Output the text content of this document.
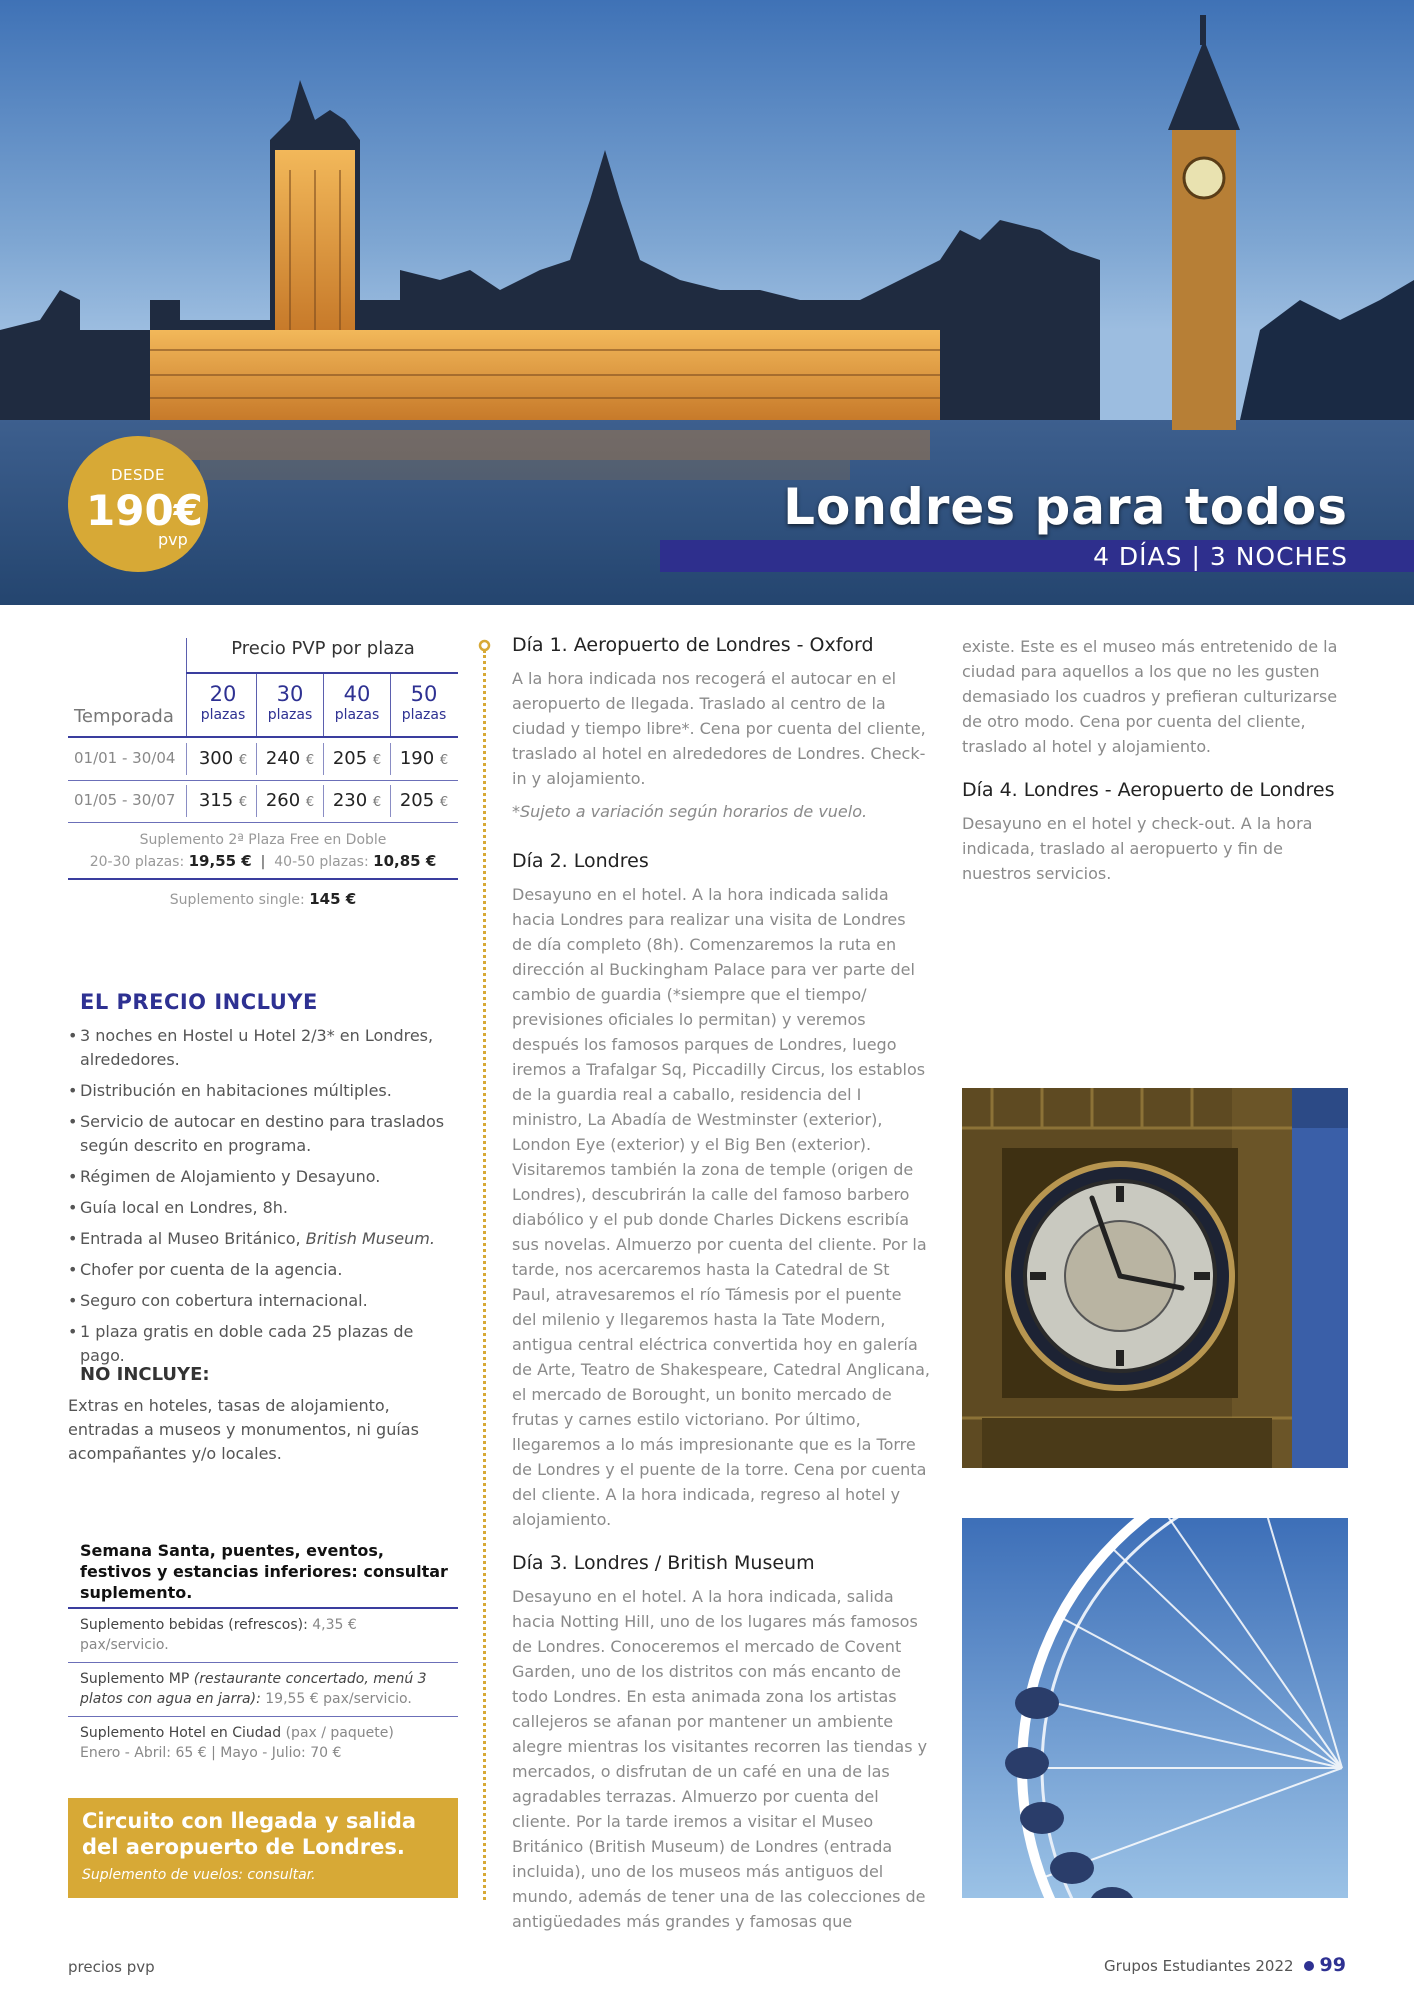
DESDE
190€
pvp
Londres para todos
4 DÍAS | 3 NOCHES
Precio PVP por plaza
20
plazas
30
plazas
40
plazas
50
plazas
Temporada
01/01 - 30/04	300 €	240 €	205 €	190 €
01/05 - 30/07	315 €	260 €	230 €	205 €
Suplemento 2ª Plaza Free en Doble
20-30 plazas: 19,55 € | 40-50 plazas: 10,85 €
Suplemento single: 145 €
EL PRECIO INCLUYE
• 3 noches en Hostel u Hotel 2/3* en Londres, alrededores.
• Distribución en habitaciones múltiples.
• Servicio de autocar en destino para traslados según descrito en programa.
• Régimen de Alojamiento y Desayuno.
• Guía local en Londres, 8h.
• Entrada al Museo Británico, British Museum.
• Chofer por cuenta de la agencia.
• Seguro con cobertura internacional.
• 1 plaza gratis en doble cada 25 plazas de pago.
NO INCLUYE:
Extras en hoteles, tasas de alojamiento, entradas a museos y monumentos, ni guías acompañantes y/o locales.
Semana Santa, puentes, eventos, festivos y estancias inferiores: consultar suplemento.
Suplemento bebidas (refrescos): 4,35 € pax/servicio.
Suplemento MP (restaurante concertado, menú 3 platos con agua en jarra): 19,55 € pax/servicio.
Suplemento Hotel en Ciudad (pax / paquete)
Enero - Abril: 65 € | Mayo - Julio: 70 €
Circuito con llegada y salida del aeropuerto de Londres.
Suplemento de vuelos: consultar.
Día 1. Aeropuerto de Londres - Oxford
A la hora indicada nos recogerá el autocar en el aeropuerto de llegada. Traslado al centro de la ciudad y tiempo libre*. Cena por cuenta del cliente, traslado al hotel en alrededores de Londres. Check-in y alojamiento.
*Sujeto a variación según horarios de vuelo.
Día 2. Londres
Desayuno en el hotel. A la hora indicada salida hacia Londres para realizar una visita de Londres de día completo (8h). Comenzaremos la ruta en dirección al Buckingham Palace para ver parte del cambio de guardia (*siempre que el tiempo/ previsiones oficiales lo permitan) y veremos después los famosos parques de Londres, luego iremos a Trafalgar Sq, Piccadilly Circus, los establos de la guardia real a caballo, residencia del I ministro, La Abadía de Westminster (exterior), London Eye (exterior) y el Big Ben (exterior). Visitaremos también la zona de temple (origen de Londres), descubrirán la calle del famoso barbero diabólico y el pub donde Charles Dickens escribía sus novelas. Almuerzo por cuenta del cliente. Por la tarde, nos acercaremos hasta la Catedral de St Paul, atravesaremos el río Támesis por el puente del milenio y llegaremos hasta la Tate Modern, antigua central eléctrica convertida hoy en galería de Arte, Teatro de Shakespeare, Catedral Anglicana, el mercado de Borought, un bonito mercado de frutas y carnes estilo victoriano. Por último, llegaremos a lo más impresionante que es la Torre de Londres y el puente de la torre. Cena por cuenta del cliente. A la hora indicada, regreso al hotel y alojamiento.
Día 3. Londres / British Museum
Desayuno en el hotel. A la hora indicada, salida hacia Notting Hill, uno de los lugares más famosos de Londres. Conoceremos el mercado de Covent Garden, uno de los distritos con más encanto de todo Londres. En esta animada zona los artistas callejeros se afanan por mantener un ambiente alegre mientras los visitantes recorren las tiendas y mercados, o disfrutan de un café en una de las agradables terrazas. Almuerzo por cuenta del cliente. Por la tarde iremos a visitar el Museo Británico (British Museum) de Londres (entrada incluida), uno de los museos más antiguos del mundo, además de tener una de las colecciones de antigüedades más grandes y famosas que
existe. Este es el museo más entretenido de la ciudad para aquellos a los que no les gusten demasiado los cuadros y prefieran culturizarse de otro modo. Cena por cuenta del cliente, traslado al hotel y alojamiento.
Día 4. Londres - Aeropuerto de Londres
Desayuno en el hotel y check-out. A la hora indicada, traslado al aeropuerto y fin de nuestros servicios.
precios pvp	Grupos Estudiantes 2022 99
